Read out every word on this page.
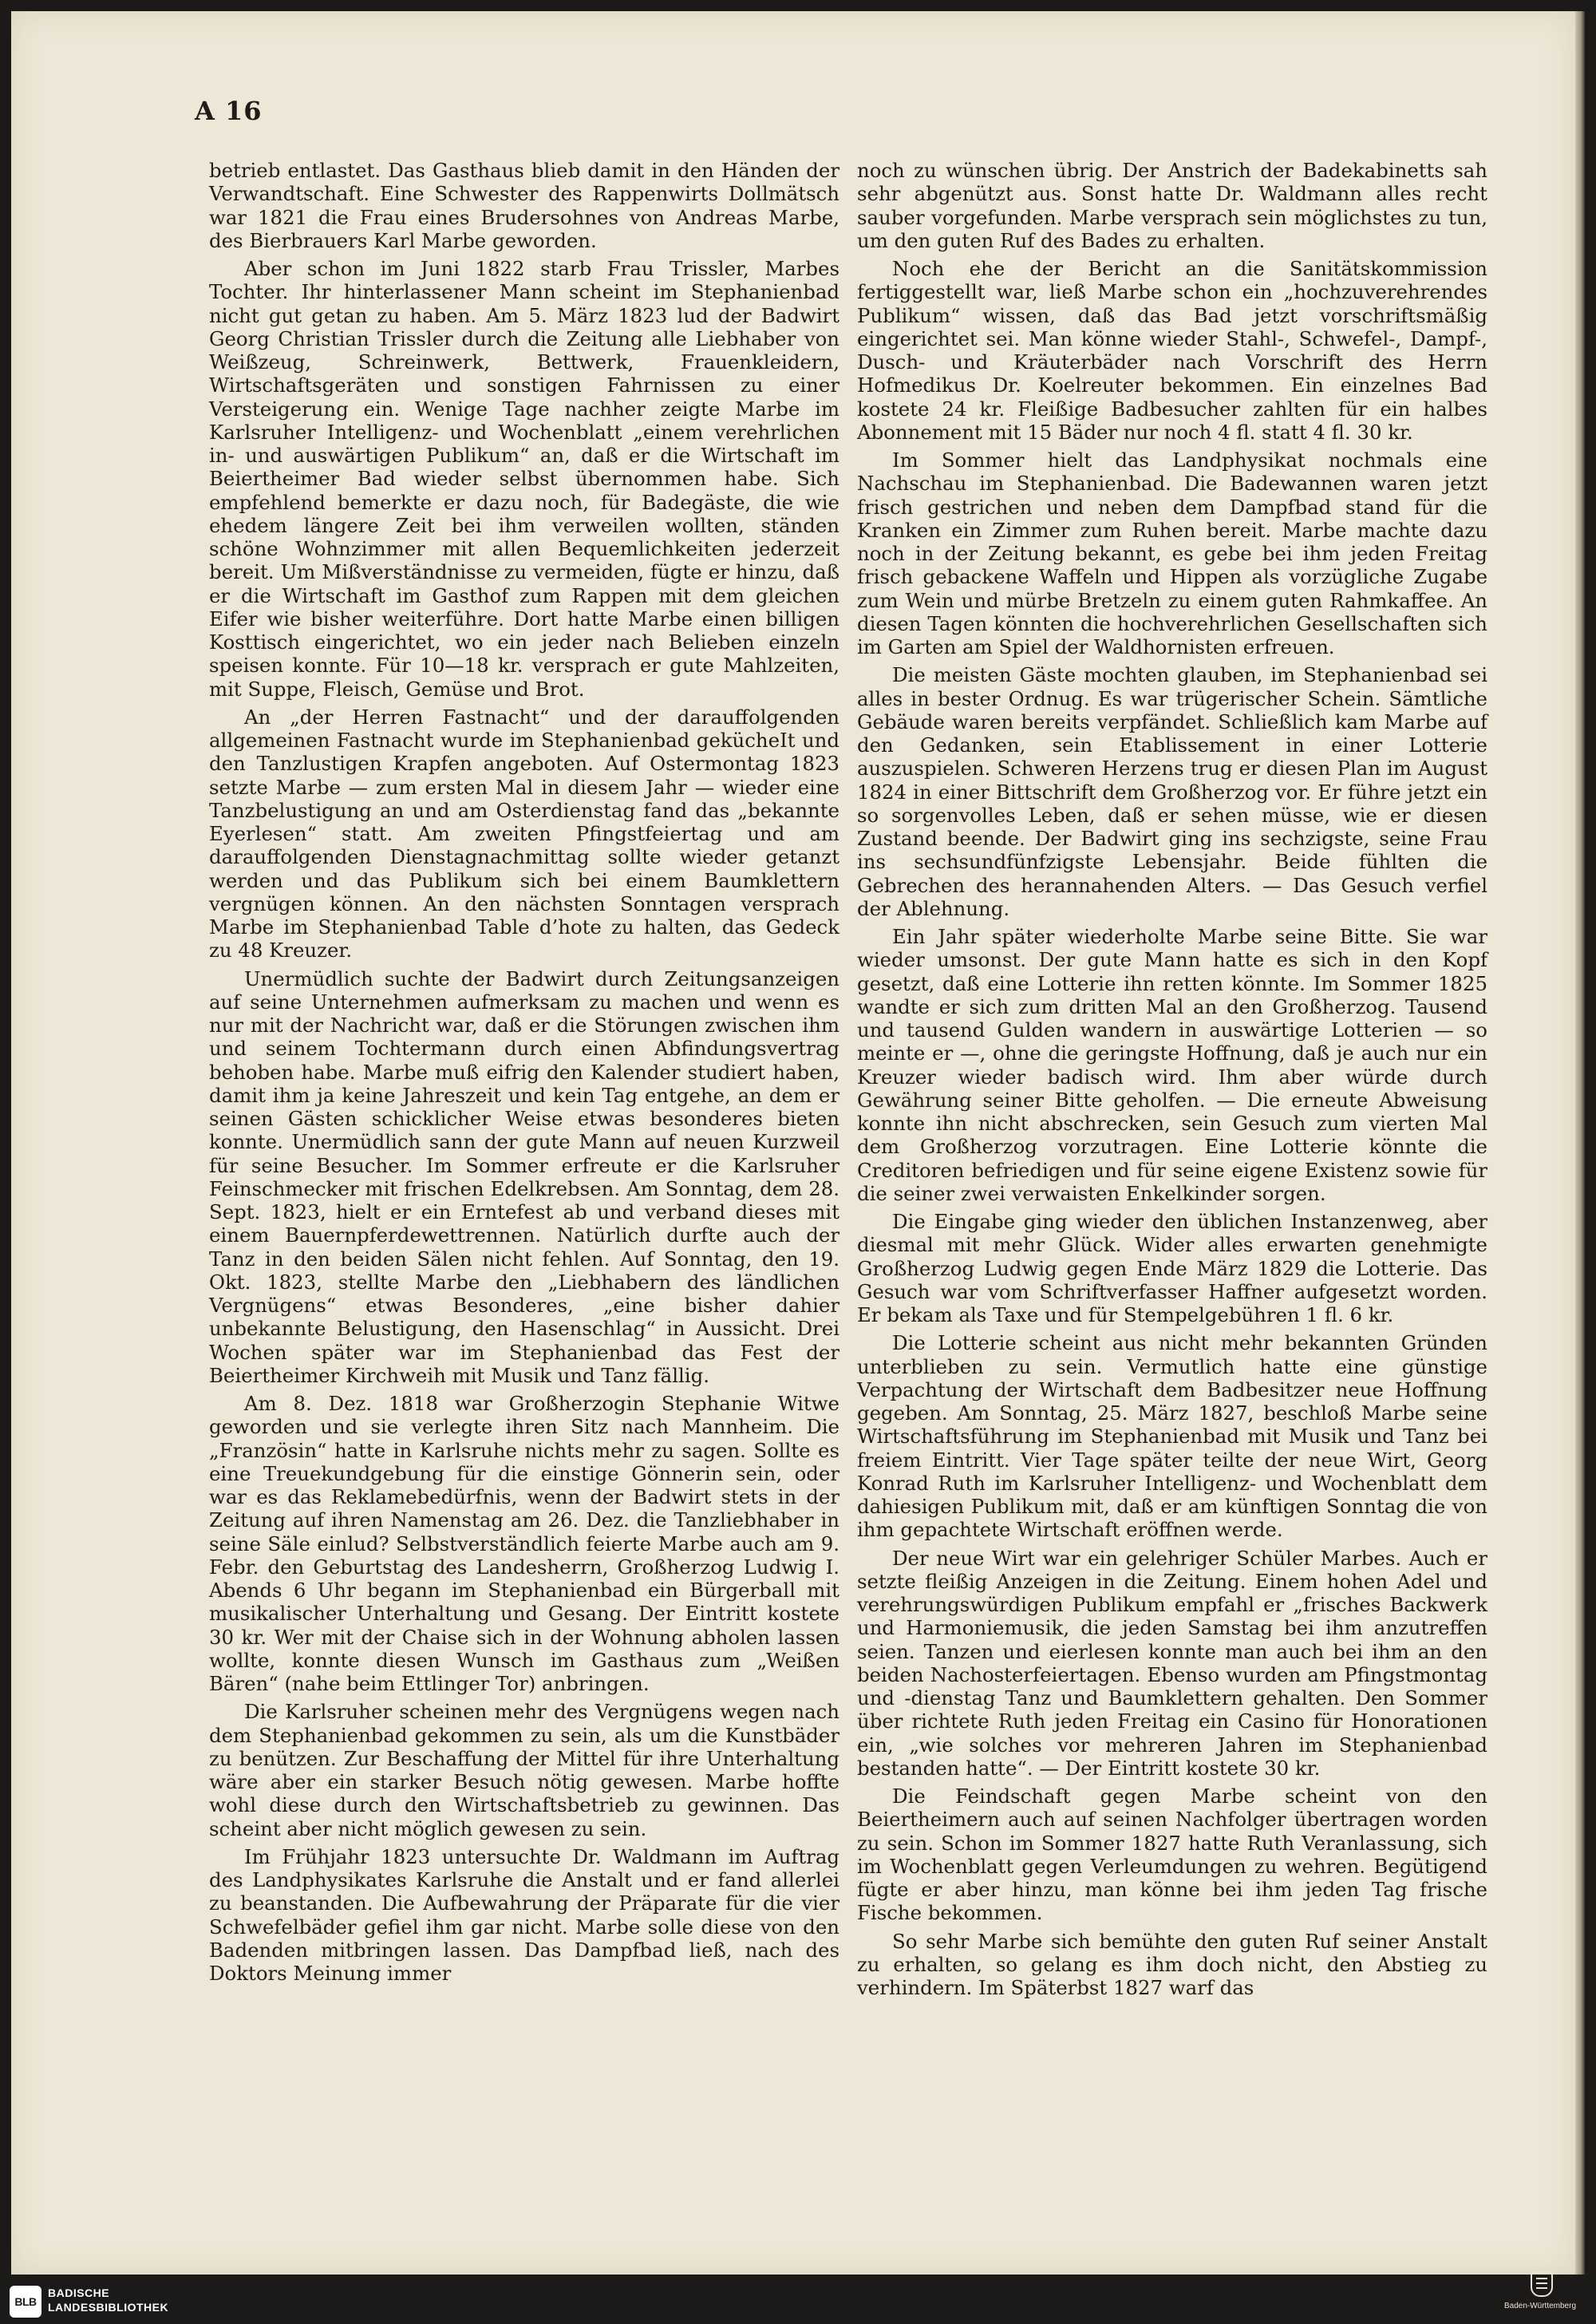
A 16

betrieb entlastet. Das Gasthaus blieb damit in den Händen der Verwandtschaft. Eine Schwester des Rappenwirts Dollmätsch war 1821 die Frau eines Brudersohnes von Andreas Marbe, des Bierbrauers Karl Marbe geworden.

Aber schon im Juni 1822 starb Frau Trissler, Marbes Tochter. Ihr hinterlassener Mann scheint im Stephanienbad nicht gut getan zu haben. Am 5. März 1823 lud der Badwirt Georg Christian Trissler durch die Zeitung alle Liebhaber von Weißzeug, Schreinwerk, Bettwerk, Frauenkleidern, Wirtschaftsgeräten und sonstigen Fahrnissen zu einer Versteigerung ein. Wenige Tage nachher zeigte Marbe im Karlsruher Intelligenz- und Wochenblatt „einem verehrlichen in- und auswärtigen Publikum“ an, daß er die Wirtschaft im Beiertheimer Bad wieder selbst übernommen habe. Sich empfehlend bemerkte er dazu noch, für Badegäste, die wie ehedem längere Zeit bei ihm verweilen wollten, ständen schöne Wohnzimmer mit allen Bequemlichkeiten jederzeit bereit. Um Mißverständnisse zu vermeiden, fügte er hinzu, daß er die Wirtschaft im Gasthof zum Rappen mit dem gleichen Eifer wie bisher weiterführe. Dort hatte Marbe einen billigen Kosttisch eingerichtet, wo ein jeder nach Belieben einzeln speisen konnte. Für 10—18 kr. versprach er gute Mahlzeiten, mit Suppe, Fleisch, Gemüse und Brot.

An „der Herren Fastnacht“ und der darauffolgenden allgemeinen Fastnacht wurde im Stephanienbad gekücheIt und den Tanzlustigen Krapfen angeboten. Auf Ostermontag 1823 setzte Marbe — zum ersten Mal in diesem Jahr — wieder eine Tanzbelustigung an und am Osterdienstag fand das „bekannte Eyerlesen“ statt. Am zweiten Pfingstfeiertag und am darauffolgenden Dienstagnachmittag sollte wieder getanzt werden und das Publikum sich bei einem Baumklettern vergnügen können. An den nächsten Sonntagen versprach Marbe im Stephanienbad Table d’hote zu halten, das Gedeck zu 48 Kreuzer.

Unermüdlich suchte der Badwirt durch Zeitungsanzeigen auf seine Unternehmen aufmerksam zu machen und wenn es nur mit der Nachricht war, daß er die Störungen zwischen ihm und seinem Tochtermann durch einen Abfindungsvertrag behoben habe. Marbe muß eifrig den Kalender studiert haben, damit ihm ja keine Jahreszeit und kein Tag entgehe, an dem er seinen Gästen schicklicher Weise etwas besonderes bieten konnte. Unermüdlich sann der gute Mann auf neuen Kurzweil für seine Besucher. Im Sommer erfreute er die Karlsruher Feinschmecker mit frischen Edelkrebsen. Am Sonntag, dem 28. Sept. 1823, hielt er ein Erntefest ab und verband dieses mit einem Bauernpferdewettrennen. Natürlich durfte auch der Tanz in den beiden Sälen nicht fehlen. Auf Sonntag, den 19. Okt. 1823, stellte Marbe den „Liebhabern des ländlichen Vergnügens“ etwas Besonderes, „eine bisher dahier unbekannte Belustigung, den Hasenschlag“ in Aussicht. Drei Wochen später war im Stephanienbad das Fest der Beiertheimer Kirchweih mit Musik und Tanz fällig.

Am 8. Dez. 1818 war Großherzogin Stephanie Witwe geworden und sie verlegte ihren Sitz nach Mannheim. Die „Französin“ hatte in Karlsruhe nichts mehr zu sagen. Sollte es eine Treuekundgebung für die einstige Gönnerin sein, oder war es das Reklamebedürfnis, wenn der Badwirt stets in der Zeitung auf ihren Namenstag am 26. Dez. die Tanzliebhaber in seine Säle einlud? Selbstverständlich feierte Marbe auch am 9. Febr. den Geburtstag des Landesherrn, Großherzog Ludwig I. Abends 6 Uhr begann im Stephanienbad ein Bürgerball mit musikalischer Unterhaltung und Gesang. Der Eintritt kostete 30 kr. Wer mit der Chaise sich in der Wohnung abholen lassen wollte, konnte diesen Wunsch im Gasthaus zum „Weißen Bären“ (nahe beim Ettlinger Tor) anbringen.

Die Karlsruher scheinen mehr des Vergnügens wegen nach dem Stephanienbad gekommen zu sein, als um die Kunstbäder zu benützen. Zur Beschaffung der Mittel für ihre Unterhaltung wäre aber ein starker Besuch nötig gewesen. Marbe hoffte wohl diese durch den Wirtschaftsbetrieb zu gewinnen. Das scheint aber nicht möglich gewesen zu sein.

Im Frühjahr 1823 untersuchte Dr. Waldmann im Auftrag des Landphysikates Karlsruhe die Anstalt und er fand allerlei zu beanstanden. Die Aufbewahrung der Präparate für die vier Schwefelbäder gefiel ihm gar nicht. Marbe solle diese von den Badenden mitbringen lassen. Das Dampfbad ließ, nach des Doktors Meinung immer

noch zu wünschen übrig. Der Anstrich der Badekabinetts sah sehr abgenützt aus. Sonst hatte Dr. Waldmann alles recht sauber vorgefunden. Marbe versprach sein möglichstes zu tun, um den guten Ruf des Bades zu erhalten.

Noch ehe der Bericht an die Sanitätskommission fertiggestellt war, ließ Marbe schon ein „hochzuverehrendes Publikum“ wissen, daß das Bad jetzt vorschriftsmäßig eingerichtet sei. Man könne wieder Stahl-, Schwefel-, Dampf-, Dusch- und Kräuterbäder nach Vorschrift des Herrn Hofmedikus Dr. Koelreuter bekommen. Ein einzelnes Bad kostete 24 kr. Fleißige Badbesucher zahlten für ein halbes Abonnement mit 15 Bäder nur noch 4 fl. statt 4 fl. 30 kr.

Im Sommer hielt das Landphysikat nochmals eine Nachschau im Stephanienbad. Die Badewannen waren jetzt frisch gestrichen und neben dem Dampfbad stand für die Kranken ein Zimmer zum Ruhen bereit. Marbe machte dazu noch in der Zeitung bekannt, es gebe bei ihm jeden Freitag frisch gebackene Waffeln und Hippen als vorzügliche Zugabe zum Wein und mürbe Bretzeln zu einem guten Rahmkaffee. An diesen Tagen könnten die hochverehrlichen Gesellschaften sich im Garten am Spiel der Waldhornisten erfreuen.

Die meisten Gäste mochten glauben, im Stephanienbad sei alles in bester Ordnug. Es war trügerischer Schein. Sämtliche Gebäude waren bereits verpfändet. Schließlich kam Marbe auf den Gedanken, sein Etablissement in einer Lotterie auszuspielen. Schweren Herzens trug er diesen Plan im August 1824 in einer Bittschrift dem Großherzog vor. Er führe jetzt ein so sorgenvolles Leben, daß er sehen müsse, wie er diesen Zustand beende. Der Badwirt ging ins sechzigste, seine Frau ins sechsundfünfzigste Lebensjahr. Beide fühlten die Gebrechen des herannahenden Alters. — Das Gesuch verfiel der Ablehnung.

Ein Jahr später wiederholte Marbe seine Bitte. Sie war wieder umsonst. Der gute Mann hatte es sich in den Kopf gesetzt, daß eine Lotterie ihn retten könnte. Im Sommer 1825 wandte er sich zum dritten Mal an den Großherzog. Tausend und tausend Gulden wandern in auswärtige Lotterien — so meinte er —, ohne die geringste Hoffnung, daß je auch nur ein Kreuzer wieder badisch wird. Ihm aber würde durch Gewährung seiner Bitte geholfen. — Die erneute Abweisung konnte ihn nicht abschrecken, sein Gesuch zum vierten Mal dem Großherzog vorzutragen. Eine Lotterie könnte die Creditoren befriedigen und für seine eigene Existenz sowie für die seiner zwei verwaisten Enkelkinder sorgen.

Die Eingabe ging wieder den üblichen Instanzenweg, aber diesmal mit mehr Glück. Wider alles erwarten genehmigte Großherzog Ludwig gegen Ende März 1829 die Lotterie. Das Gesuch war vom Schriftverfasser Haffner aufgesetzt worden. Er bekam als Taxe und für Stempelgebühren 1 fl. 6 kr.

Die Lotterie scheint aus nicht mehr bekannten Gründen unterblieben zu sein. Vermutlich hatte eine günstige Verpachtung der Wirtschaft dem Badbesitzer neue Hoffnung gegeben. Am Sonntag, 25. März 1827, beschloß Marbe seine Wirtschaftsführung im Stephanienbad mit Musik und Tanz bei freiem Eintritt. Vier Tage später teilte der neue Wirt, Georg Konrad Ruth im Karlsruher Intelligenz- und Wochenblatt dem dahiesigen Publikum mit, daß er am künftigen Sonntag die von ihm gepachtete Wirtschaft eröffnen werde.

Der neue Wirt war ein gelehriger Schüler Marbes. Auch er setzte fleißig Anzeigen in die Zeitung. Einem hohen Adel und verehrungswürdigen Publikum empfahl er „frisches Backwerk und Harmoniemusik, die jeden Samstag bei ihm anzutreffen seien. Tanzen und eierlesen konnte man auch bei ihm an den beiden Nachosterfeiertagen. Ebenso wurden am Pfingstmontag und -dienstag Tanz und Baumklettern gehalten. Den Sommer über richtete Ruth jeden Freitag ein Casino für Honorationen ein, „wie solches vor mehreren Jahren im Stephanienbad bestanden hatte“. — Der Eintritt kostete 30 kr.

Die Feindschaft gegen Marbe scheint von den Beiertheimern auch auf seinen Nachfolger übertragen worden zu sein. Schon im Sommer 1827 hatte Ruth Veranlassung, sich im Wochenblatt gegen Verleumdungen zu wehren. Begütigend fügte er aber hinzu, man könne bei ihm jeden Tag frische Fische bekommen.

So sehr Marbe sich bemühte den guten Ruf seiner Anstalt zu erhalten, so gelang es ihm doch nicht, den Abstieg zu verhindern. Im Späterbst 1827 warf das

BLB
BADISCHE
LANDESBIBLIOTHEK	Baden-Württemberg
